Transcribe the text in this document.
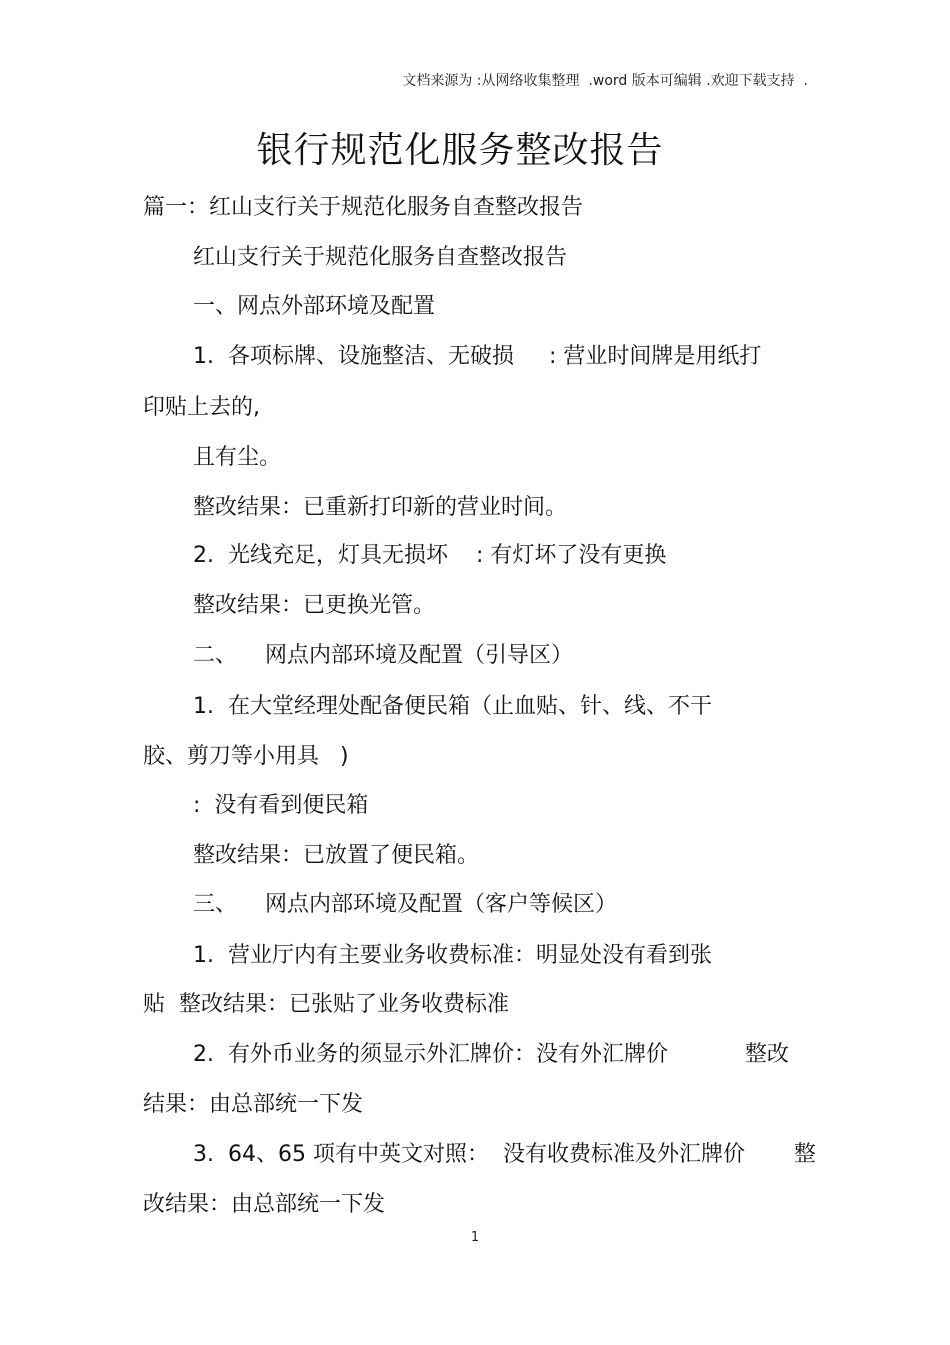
文档来源为 :从网络收集整理  .word 版本可编辑 .欢迎下载支持  .
银行规范化服务整改报告
篇一：红山支行关于规范化服务自查整改报告
红山支行关于规范化服务自查整改报告
一、网点外部环境及配置
1.  各项标牌、设施整洁、无破损     : 营业时间牌是用纸打
印贴上去的,
且有尘。
整改结果：已重新打印新的营业时间。
2.  光线充足，灯具无损坏    : 有灯坏了没有更换
整改结果：已更换光管。
二、    网点内部环境及配置（引导区）
1.  在大堂经理处配备便民箱（止血贴、针、线、不干
胶、剪刀等小用具   )
:  没有看到便民箱
整改结果：已放置了便民箱。
三、    网点内部环境及配置（客户等候区）
1.  营业厅内有主要业务收费标准：明显处没有看到张
贴  整改结果：已张贴了业务收费标准
2.  有外币业务的须显示外汇牌价：没有外汇牌价           整改
结果：由总部统一下发
3.  64、65 项有中英文对照：  没有收费标准及外汇牌价       整
改结果：由总部统一下发
1
